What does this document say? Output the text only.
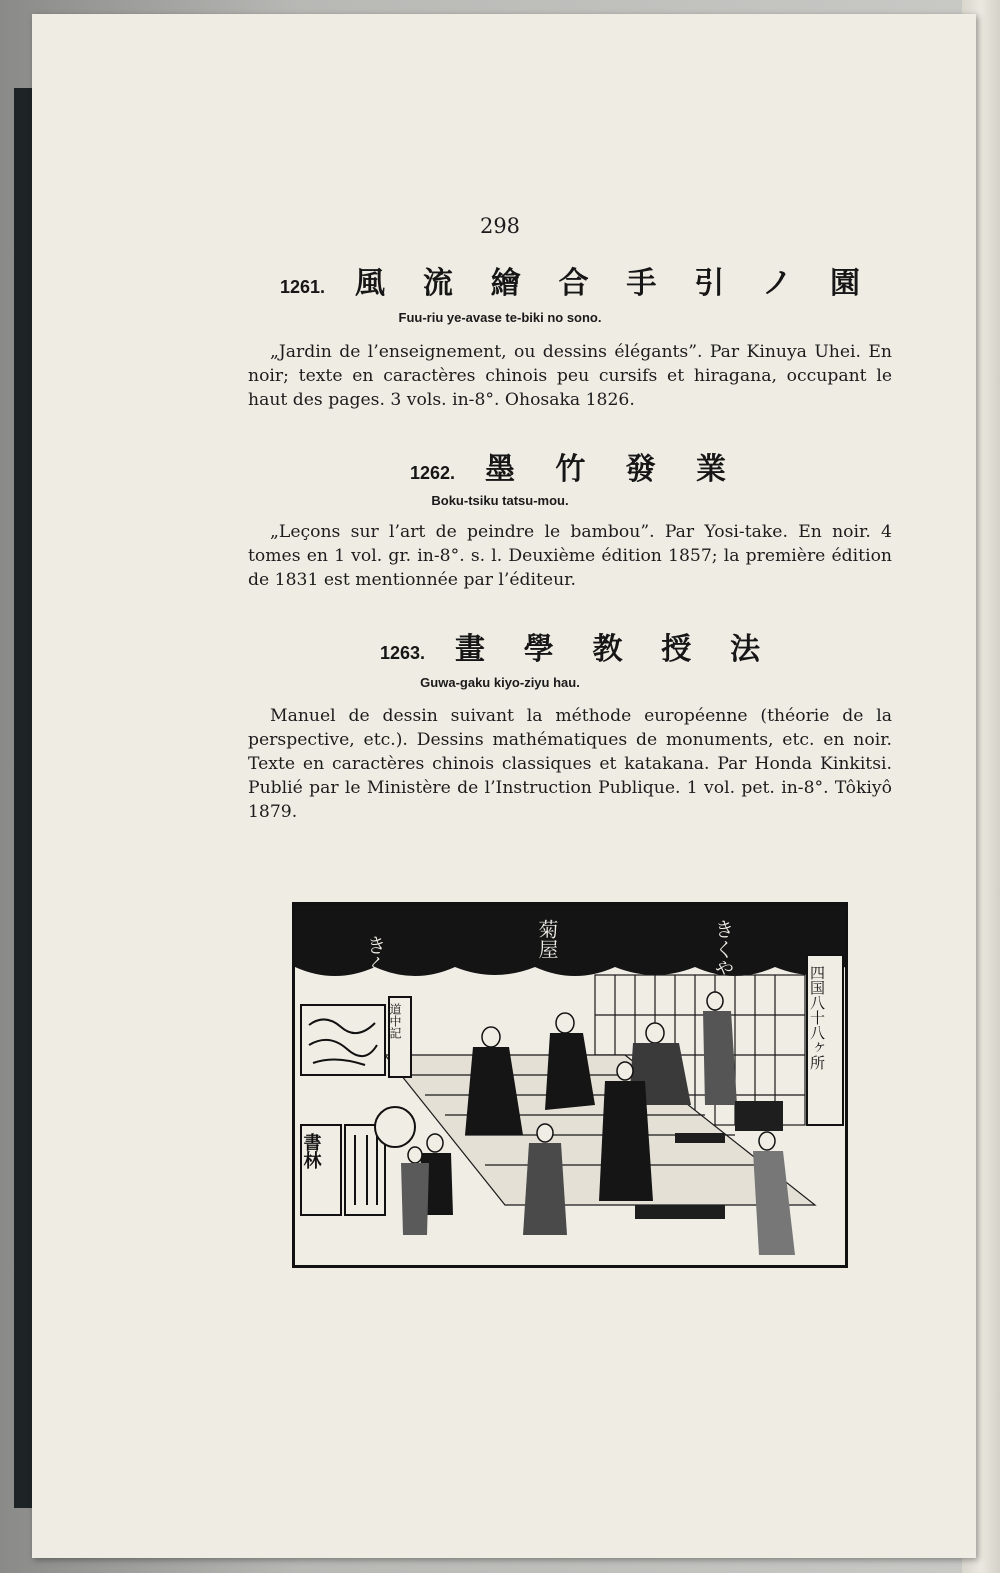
298
1261. 風 流 繪 合 手 引 ノ 園
Fuu-riu ye-avase te-biki no sono.
„Jardin de l’enseignement, ou dessins élégants”. Par Kinuya Uhei. En noir; texte en caractères chinois peu cursifs et hiragana, occupant le haut des pages. 3 vols. in-8°. Ohosaka 1826.
1262. 墨 竹 發 業
Boku-tsiku tatsu-mou.
„Leçons sur l’art de peindre le bambou”. Par Yosi-take. En noir. 4 tomes en 1 vol. gr. in-8°. s. l. Deuxième édition 1857; la première édition de 1831 est mentionnée par l’éditeur.
1263. 畫 學 教 授 法
Guwa-gaku kiyo-ziyu hau.
Manuel de dessin suivant la méthode européenne (théorie de la perspective, etc.). Dessins mathématiques de monuments, etc. en noir. Texte en caractères chinois classiques et katakana. Par Honda Kinkitsi. Publié par le Ministère de l’Instruction Publique. 1 vol. pet. in-8°. Tôkiyô 1879.
きくや	菊屋	きくや
四国八十八ヶ所
道中記
書林
